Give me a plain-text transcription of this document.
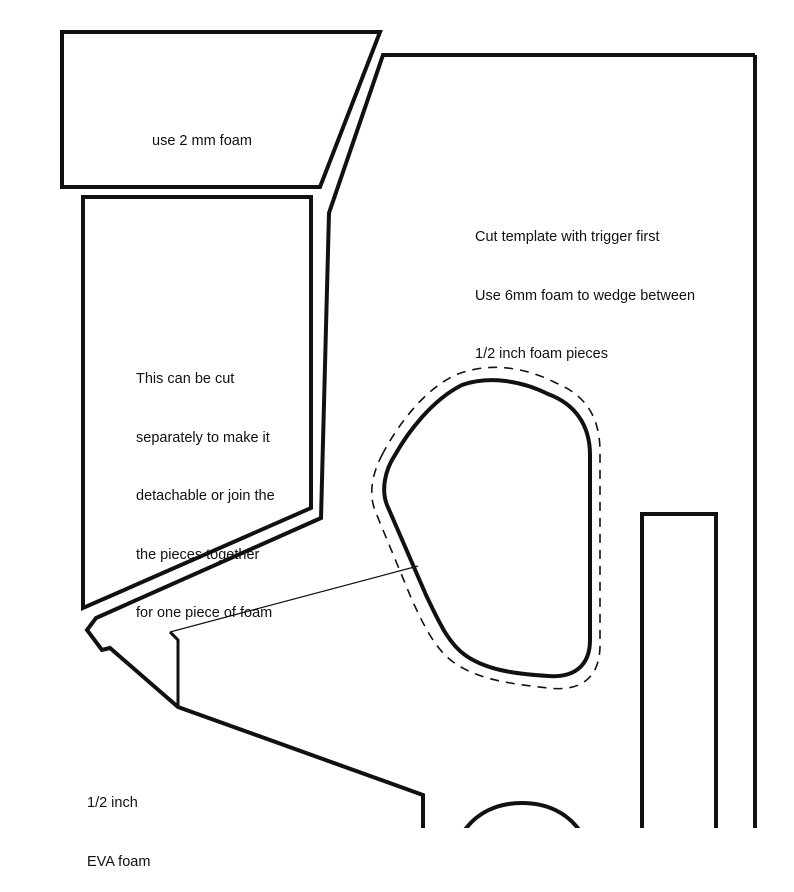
use 2 mm foam

Cut template with trigger first

Use 6mm foam to wedge between

1/2 inch foam pieces

This can be cut

separately to make it

detachable or join the

the pieces together

for one piece of foam

1/2 inch

EVA foam
